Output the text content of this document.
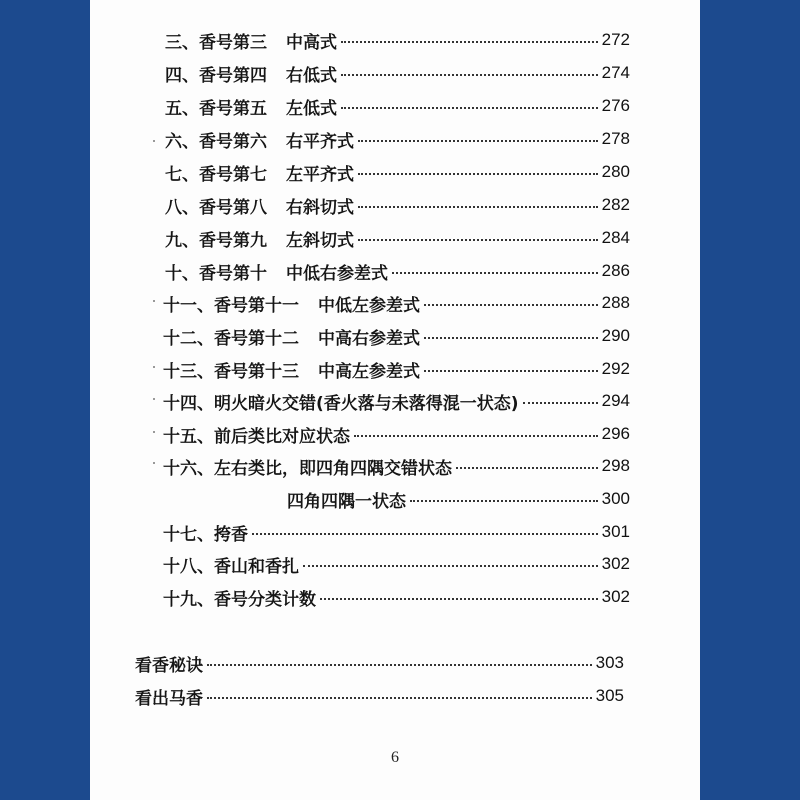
三、香号第三 中高式	272
四、香号第四 右低式	274
五、香号第五 左低式	276
六、香号第六 右平齐式	278
七、香号第七 左平齐式	280
八、香号第八 右斜切式	282
九、香号第九 左斜切式	284
十、香号第十 中低右参差式	286
十一、香号第十一 中低左参差式	288
十二、香号第十二 中高右参差式	290
十三、香号第十三 中高左参差式	292
十四、明火暗火交错(香火落与未落得混一状态)	294
十五、前后类比对应状态	296
十六、左右类比，即四角四隅交错状态	298
四角四隅一状态	300
十七、挎香	301
十八、香山和香扎	302
十九、香号分类计数	302
看香秘诀	303
看出马香	305
6
